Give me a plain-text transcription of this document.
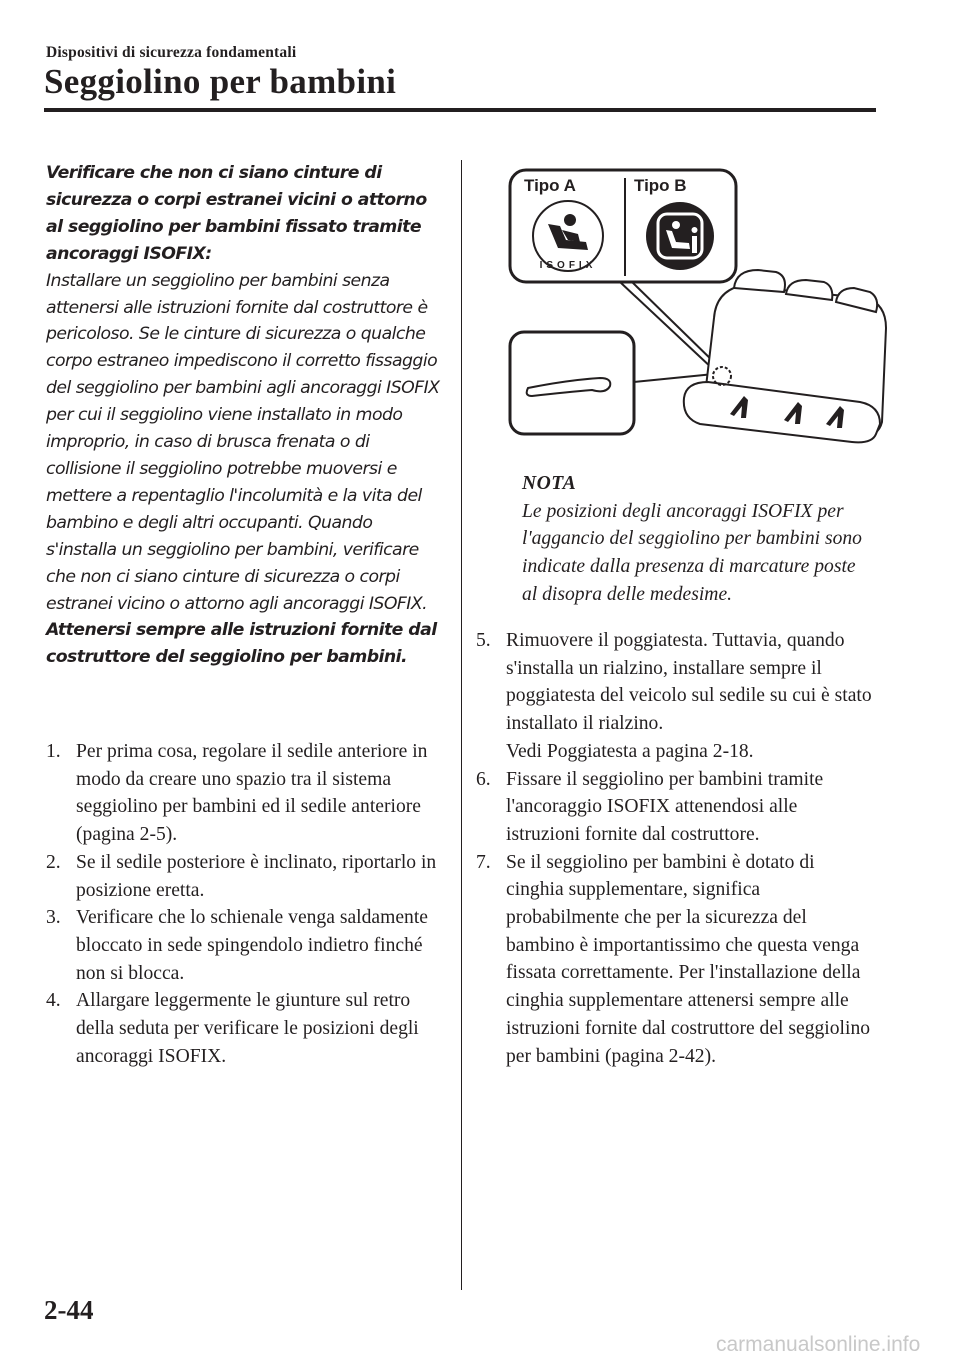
Dispositivi di sicurezza fondamentali
Seggiolino per bambini
Verificare che non ci siano cinture di sicurezza o corpi estranei vicini o attorno al seggiolino per bambini fissato tramite ancoraggi ISOFIX:
Installare un seggiolino per bambini senza attenersi alle istruzioni fornite dal costruttore è pericoloso. Se le cinture di sicurezza o qualche corpo estraneo impediscono il corretto fissaggio del seggiolino per bambini agli ancoraggi ISOFIX per cui il seggiolino viene installato in modo improprio, in caso di brusca frenata o di collisione il seggiolino potrebbe muoversi e mettere a repentaglio l'incolumità e la vita del bambino e degli altri occupanti. Quando s'installa un seggiolino per bambini, verificare che non ci siano cinture di sicurezza o corpi estranei vicino o attorno agli ancoraggi ISOFIX.
Attenersi sempre alle istruzioni fornite dal costruttore del seggiolino per bambini.
1. Per prima cosa, regolare il sedile anteriore in modo da creare uno spazio tra il sistema seggiolino per bambini ed il sedile anteriore (pagina 2-5).
2. Se il sedile posteriore è inclinato, riportarlo in posizione eretta.
3. Verificare che lo schienale venga saldamente bloccato in sede spingendolo indietro finché non si blocca.
4. Allargare leggermente le giunture sul retro della seduta per verificare le posizioni degli ancoraggi ISOFIX.
Tipo A	Tipo B
ISOFIX
NOTA
Le posizioni degli ancoraggi ISOFIX per l'aggancio del seggiolino per bambini sono indicate dalla presenza di marcature poste al disopra delle medesime.
5. Rimuovere il poggiatesta. Tuttavia, quando s'installa un rialzino, installare sempre il poggiatesta del veicolo sul sedile su cui è stato installato il rialzino.
Vedi Poggiatesta a pagina 2-18.
6. Fissare il seggiolino per bambini tramite l'ancoraggio ISOFIX attenendosi alle istruzioni fornite dal costruttore.
7. Se il seggiolino per bambini è dotato di cinghia supplementare, significa probabilmente che per la sicurezza del bambino è importantissimo che questa venga fissata correttamente. Per l'installazione della cinghia supplementare attenersi sempre alle istruzioni fornite dal costruttore del seggiolino per bambini (pagina 2-42).
2-44
carmanualsonline.info
